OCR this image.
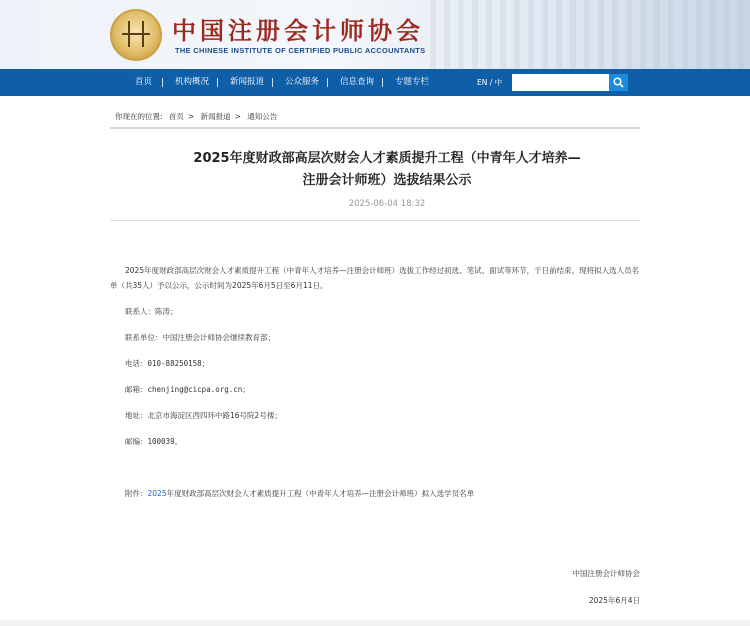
中国注册会计师协会
THE CHINESE INSTITUTE OF CERTIFIED PUBLIC ACCOUNTANTS
首页	机构概况 新闻报道 公众服务 信息查询 专题专栏	EN / 中
你现在的位置: 首页 > 新闻报道 > 通知公告
2025年度财政部高层次财会人才素质提升工程（中青年人才培养—
注册会计师班）选拔结果公示
2025-06-04 18:32
2025年度财政部高层次财会人才素质提升工程（中青年人才培养—注册会计师班）选拔工作经过初选、笔试、面试等环节，于日前结束。现将拟入选人员名单（共35人）予以公示，公示时间为2025年6月5日至6月11日。
联系人：陈涛；
联系单位：中国注册会计师协会继续教育部；
电话：010-88250158；
邮箱：chenjing@cicpa.org.cn；
地址：北京市海淀区西四环中路16号院2号楼；
邮编：100039。
附件：2025年度财政部高层次财会人才素质提升工程（中青年人才培养—注册会计师班）拟入选学员名单
中国注册会计师协会
2025年6月4日
